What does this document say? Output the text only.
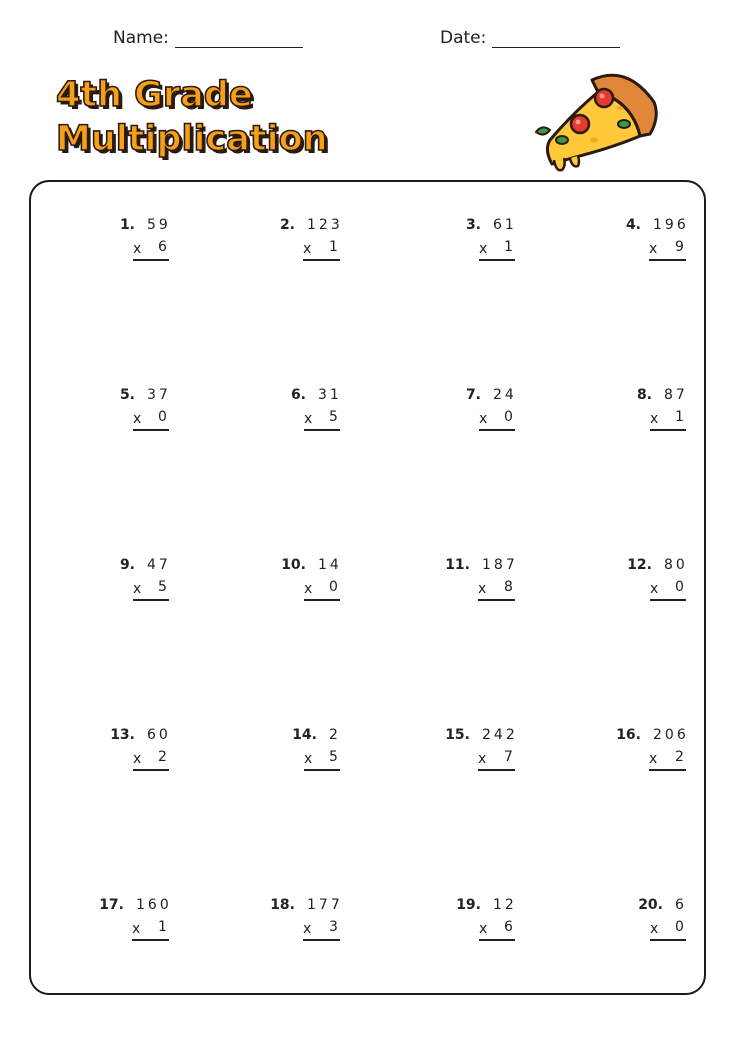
Name:	Date:
4th Grade
Multiplication
1. 59
x 6
2. 123
x 1
3. 61
x 1
4. 196
x 9
5. 37
x 0
6. 31
x 5
7. 24
x 0
8. 87
x 1
9. 47
x 5
10. 14
x 0
11. 187
x 8
12. 80
x 0
13. 60
x 2
14. 2
x 5
15. 242
x 7
16. 206
x 2
17. 160
x 1
18. 177
x 3
19. 12
x 6
20. 6
x 0
